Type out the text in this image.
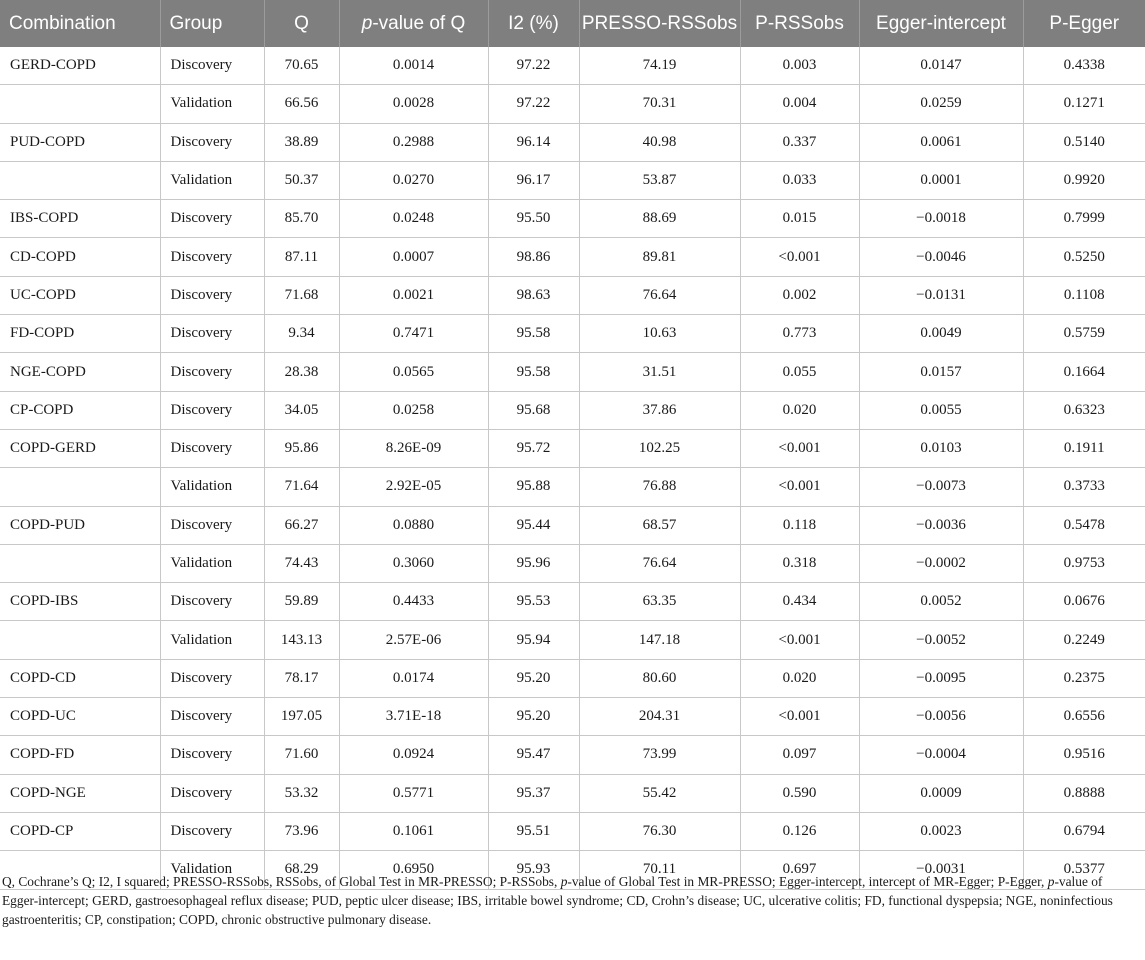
Combination	Group	Q	p-value of Q	I2 (%)	PRESSO-RSSobs	P-RSSobs	Egger-intercept	P-Egger
GERD-COPD	Discovery	70.65	0.0014	97.22	74.19	0.003	0.0147	0.4338
	Validation	66.56	0.0028	97.22	70.31	0.004	0.0259	0.1271
PUD-COPD	Discovery	38.89	0.2988	96.14	40.98	0.337	0.0061	0.5140
	Validation	50.37	0.0270	96.17	53.87	0.033	0.0001	0.9920
IBS-COPD	Discovery	85.70	0.0248	95.50	88.69	0.015	−0.0018	0.7999
CD-COPD	Discovery	87.11	0.0007	98.86	89.81	<0.001	−0.0046	0.5250
UC-COPD	Discovery	71.68	0.0021	98.63	76.64	0.002	−0.0131	0.1108
FD-COPD	Discovery	9.34	0.7471	95.58	10.63	0.773	0.0049	0.5759
NGE-COPD	Discovery	28.38	0.0565	95.58	31.51	0.055	0.0157	0.1664
CP-COPD	Discovery	34.05	0.0258	95.68	37.86	0.020	0.0055	0.6323
COPD-GERD	Discovery	95.86	8.26E-09	95.72	102.25	<0.001	0.0103	0.1911
	Validation	71.64	2.92E-05	95.88	76.88	<0.001	−0.0073	0.3733
COPD-PUD	Discovery	66.27	0.0880	95.44	68.57	0.118	−0.0036	0.5478
	Validation	74.43	0.3060	95.96	76.64	0.318	−0.0002	0.9753
COPD-IBS	Discovery	59.89	0.4433	95.53	63.35	0.434	0.0052	0.0676
	Validation	143.13	2.57E-06	95.94	147.18	<0.001	−0.0052	0.2249
COPD-CD	Discovery	78.17	0.0174	95.20	80.60	0.020	−0.0095	0.2375
COPD-UC	Discovery	197.05	3.71E-18	95.20	204.31	<0.001	−0.0056	0.6556
COPD-FD	Discovery	71.60	0.0924	95.47	73.99	0.097	−0.0004	0.9516
COPD-NGE	Discovery	53.32	0.5771	95.37	55.42	0.590	0.0009	0.8888
COPD-CP	Discovery	73.96	0.1061	95.51	76.30	0.126	0.0023	0.6794
	Validation	68.29	0.6950	95.93	70.11	0.697	−0.0031	0.5377
Q, Cochrane’s Q; I2, I squared; PRESSO-RSSobs, RSSobs, of Global Test in MR-PRESSO; P-RSSobs, p-value of Global Test in MR-PRESSO; Egger-intercept, intercept of MR-Egger; P-Egger, p-value of Egger-intercept; GERD, gastroesophageal reflux disease; PUD, peptic ulcer disease; IBS, irritable bowel syndrome; CD, Crohn’s disease; UC, ulcerative colitis; FD, functional dyspepsia; NGE, noninfectious gastroenteritis; CP, constipation; COPD, chronic obstructive pulmonary disease.
